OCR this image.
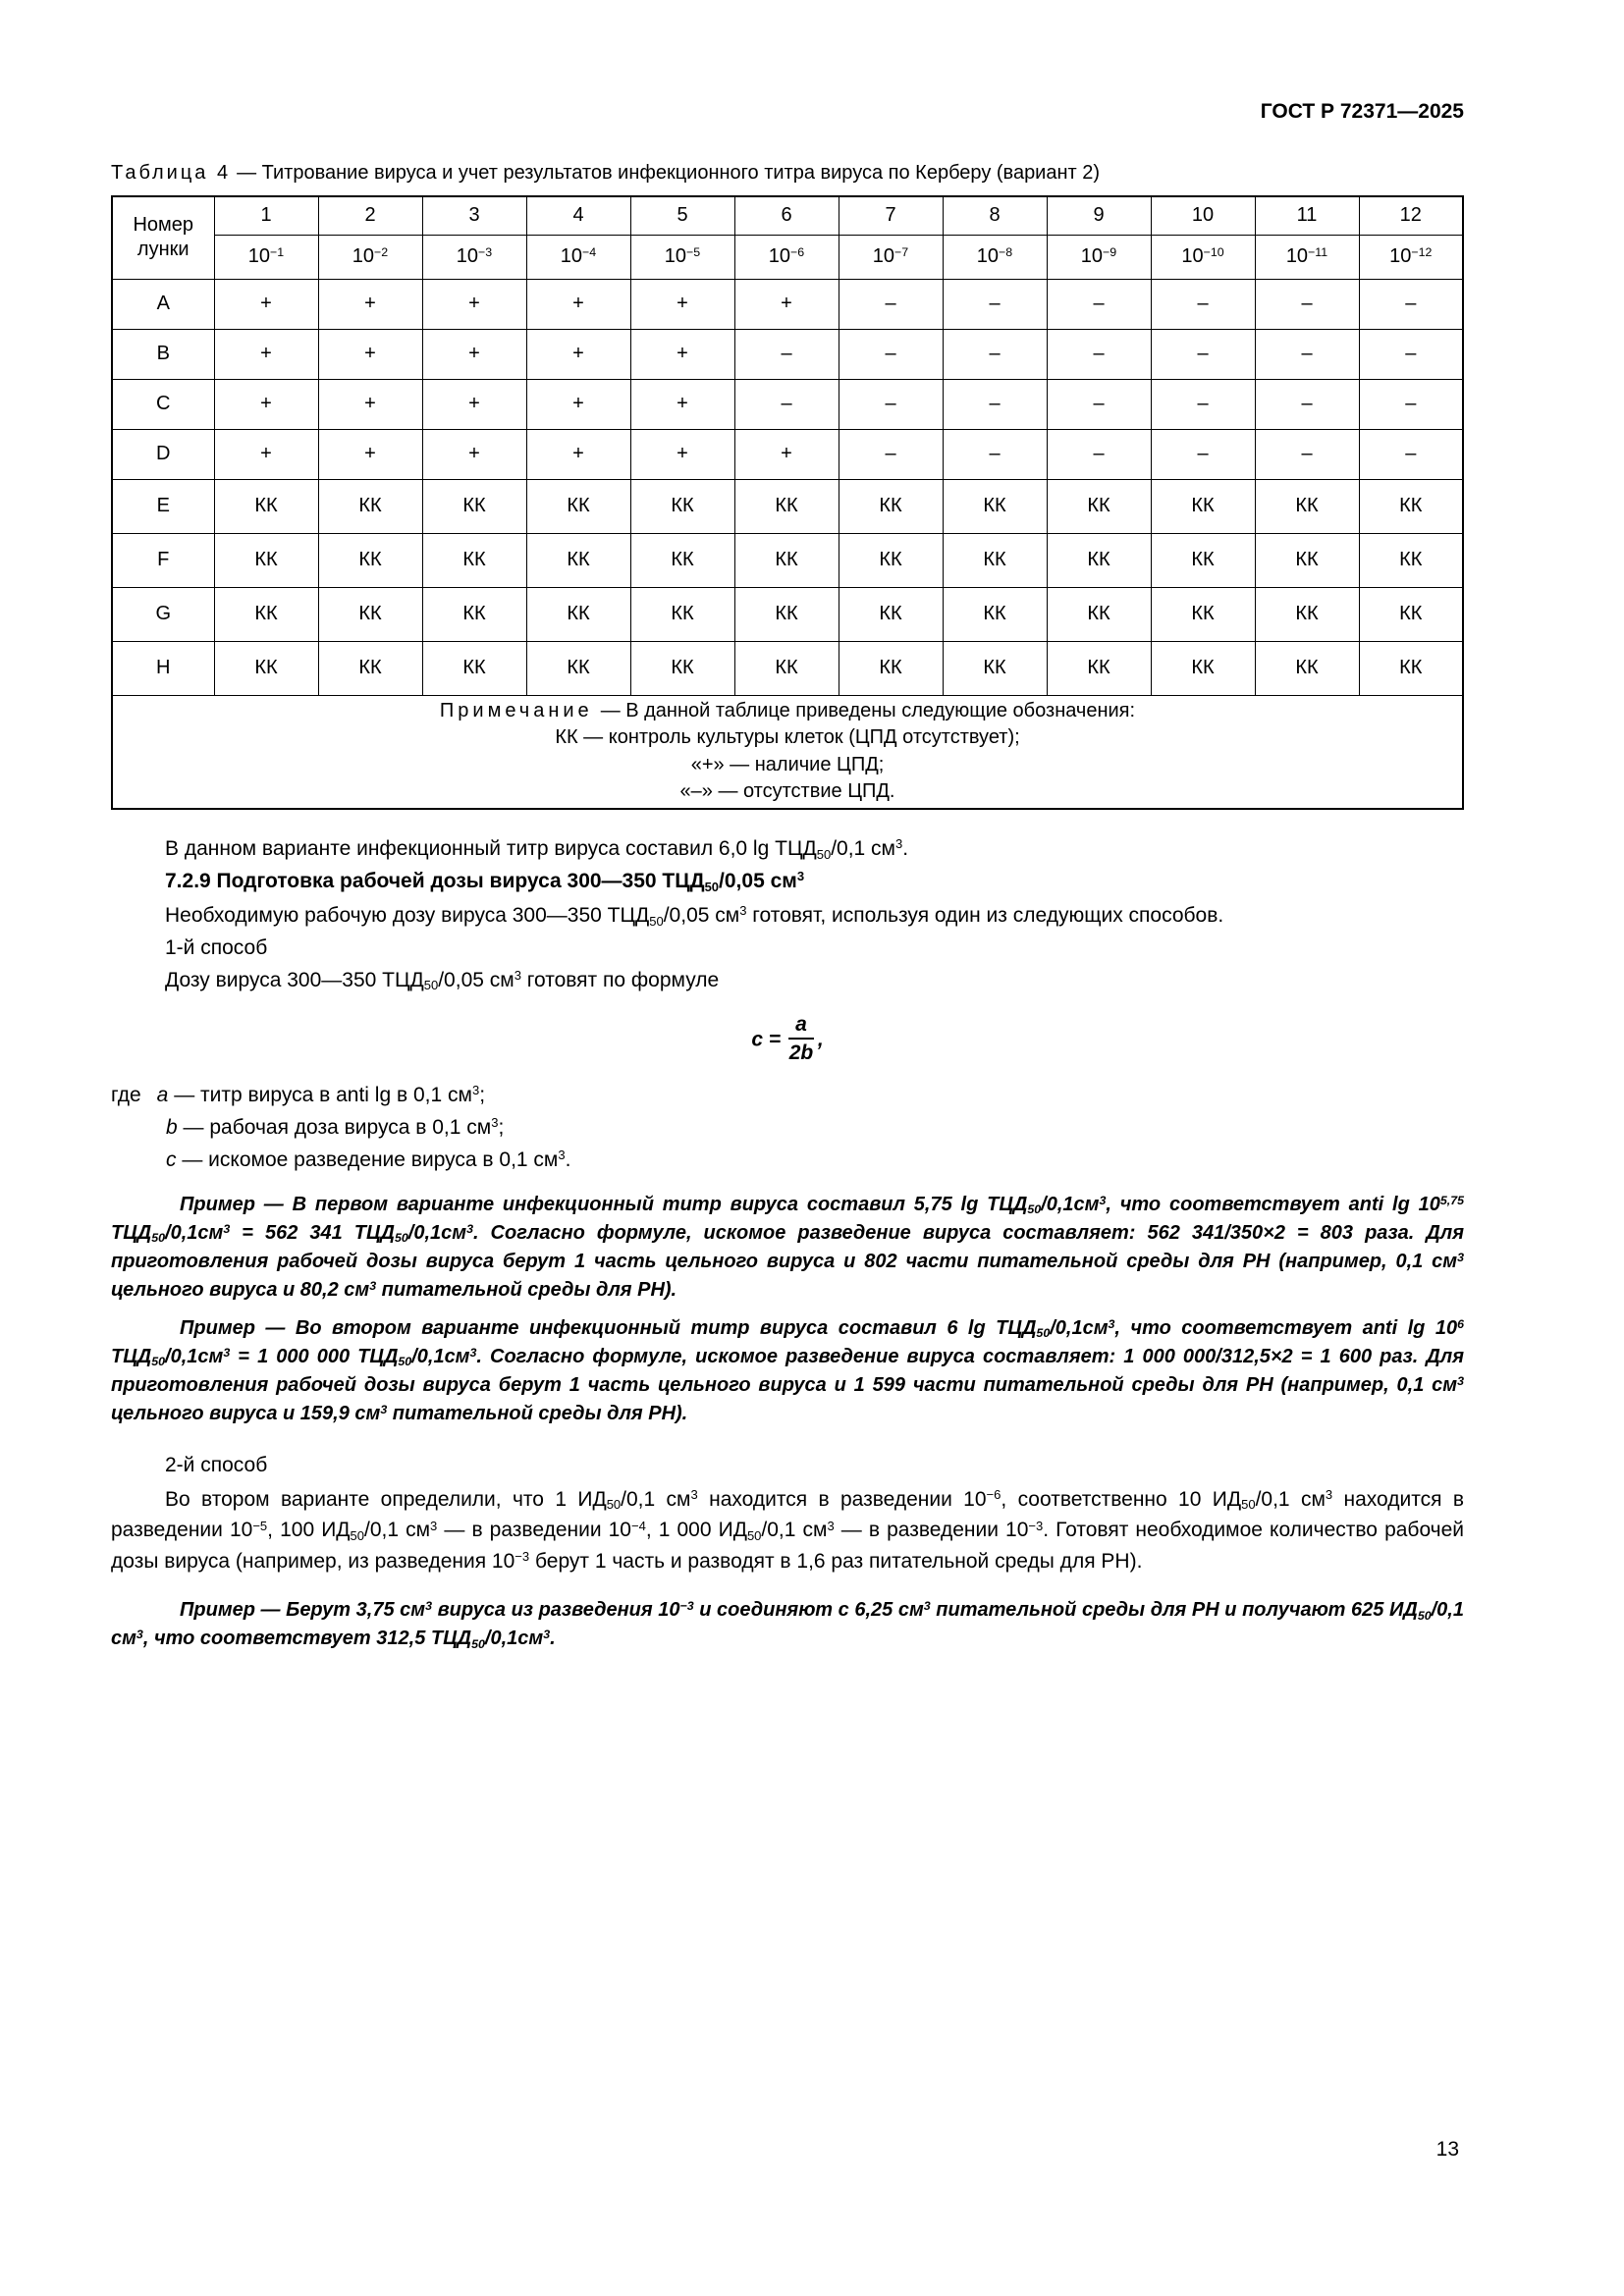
ГОСТ Р 72371—2025
Таблица 4 — Титрование вируса и учет результатов инфекционного титра вируса по Керберу (вариант 2)
Номер лунки	1	2	3	4	5	6	7	8	9	10	11	12
	$10^{-1}$	$10^{-2}$	$10^{-3}$	$10^{-4}$	$10^{-5}$	$10^{-6}$	$10^{-7}$	$10^{-8}$	$10^{-9}$	$10^{-10}$	$10^{-11}$	$10^{-12}$
A	+	+	+	+	+	+	–	–	–	–	–	–
B	+	+	+	+	+	–	–	–	–	–	–	–
C	+	+	+	+	+	–	–	–	–	–	–	–
D	+	+	+	+	+	+	–	–	–	–	–	–
E	КК	КК	КК	КК	КК	КК	КК	КК	КК	КК	КК	КК
F	КК	КК	КК	КК	КК	КК	КК	КК	КК	КК	КК	КК
G	КК	КК	КК	КК	КК	КК	КК	КК	КК	КК	КК	КК
H	КК	КК	КК	КК	КК	КК	КК	КК	КК	КК	КК	КК

Примечание — В данной таблице приведены следующие обозначения:
КК — контроль культуры клеток (ЦПД отсутствует);
«+» — наличие ЦПД;
«–» — отсутствие ЦПД.												

В данном варианте инфекционный титр вируса составил 6,0 $\lg ТЦД_{50}/0,1$ $см^3$.

7.2.9 Подготовка рабочей дозы вируса 300—350 $ТЦД_{50}/0,05$ $см^3$

Необходимую рабочую дозу вируса 300—350 $ТЦД_{50}/0,05$ $см^3$ готовят, используя один из следующих способов.

1-й способ

Дозу вируса 300—350 $ТЦД_{50}/0,05$ $см^3$ готовят по формуле

$c = \frac{a}{2b}$ ,
где a — титр вируса в anti lg в 0,1 $см^3$;
b — рабочая доза вируса в 0,1 $см^3$;
c — искомое разведение вируса в 0,1 $см^3$.

Пример — В первом варианте инфекционный титр вируса составил 5,75 $\lg ТЦД_{50}/0,1см^3$, что соответствует anti lg 10$^{5,75}$ $ТЦД_{50}/0,1см^3 = 562$ 341 $ТЦД_{50}/0,1см^3$. Согласно формуле, искомое разведение вируса составляет: 562 341/350×2 = 803 раза. Для приготовления рабочей дозы вируса берут 1 часть цельного вируса и 802 части питательной среды для РН (например, 0,1 $см^3$ цельного вируса и 80,2 $см^3$ питательной среды для РН).

Пример — Во втором варианте инфекционный титр вируса составил 6 $\lg ТЦД_{50}/0,1см^3$, что соответствует anti $\lg 10^6$ $ТЦД_{50}/0,1см^3 = 1$ 000 000 $ТЦД_{50}/0,1см^3$. Согласно формуле, искомое разведение вируса составляет: 1 000 000/312,5×2 = 1 600 раз. Для приготовления рабочей дозы вируса берут 1 часть цельного вируса и 1 599 части питательной среды для РН (например, 0,1 $см^3$ цельного вируса и 159,9 $см^3$ питательной среды для РН).

2-й способ

Во втором варианте определили, что 1 $ИД_{50}/0,1$ $см^3$ находится в разведении $10^{-6}$, соответственно 10 $ИД_{50}/0,1$ $см^3$ находится в разведении $10^{-5}$, 100 $ИД_{50}/0,1$ $см^3$ — в разведении $10^{-4}$, 1 000 $ИД_{50}/0,1$ $см^3$ — в разведении $10^{-3}$. Готовят необходимое количество рабочей дозы вируса (например, из разведения $10^{-3}$ берут 1 часть и разводят в 1,6 раз питательной среды для РН).

Пример — Берут 3,75 $см^3$ вируса из разведения $10^{-3}$ и соединяют с 6,25 $см^3$ питательной среды для РН и получают 625 $ИД_{50}/0,1$ $см^3$, что соответствует 312,5 $ТЦД_{50}/0,1см^3$.

13
